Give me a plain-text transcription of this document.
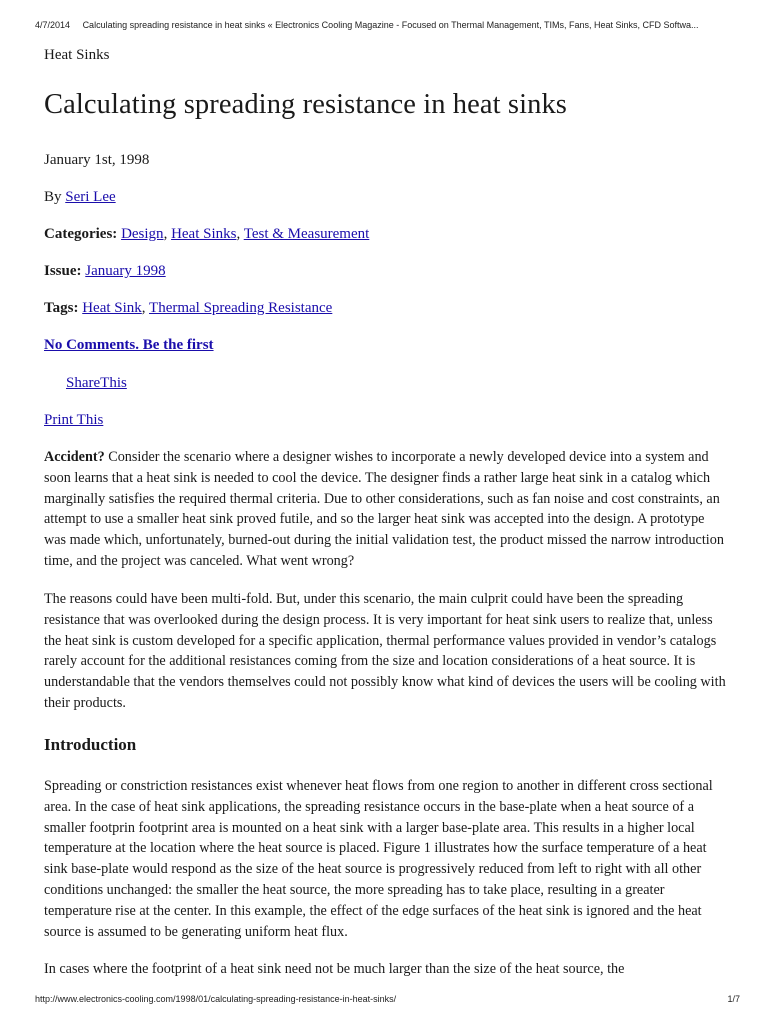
4/7/2014 Calculating spreading resistance in heat sinks « Electronics Cooling Magazine - Focused on Thermal Management, TIMs, Fans, Heat Sinks, CFD Softwa...
Heat Sinks
Calculating spreading resistance in heat sinks
January 1st, 1998
By Seri Lee
Categories: Design, Heat Sinks, Test & Measurement
Issue: January 1998
Tags: Heat Sink, Thermal Spreading Resistance
No Comments. Be the first
ShareThis
Print This

Accident? Consider the scenario where a designer wishes to incorporate a newly developed device into a system and soon learns that a heat sink is needed to cool the device. The designer finds a rather large heat sink in a catalog which marginally satisfies the required thermal criteria. Due to other considerations, such as fan noise and cost constraints, an attempt to use a smaller heat sink proved futile, and so the larger heat sink was accepted into the design. A prototype was made which, unfortunately, burned-out during the initial validation test, the product missed the narrow introduction time, and the project was canceled. What went wrong?

The reasons could have been multi-fold. But, under this scenario, the main culprit could have been the spreading resistance that was overlooked during the design process. It is very important for heat sink users to realize that, unless the heat sink is custom developed for a specific application, thermal performance values provided in vendor’s catalogs rarely account for the additional resistances coming from the size and location considerations of a heat source. It is understandable that the vendors themselves could not possibly know what kind of devices the users will be cooling with their products.

Introduction

Spreading or constriction resistances exist whenever heat flows from one region to another in different cross sectional area. In the case of heat sink applications, the spreading resistance occurs in the base-plate when a heat source of a smaller footprin footprint area is mounted on a heat sink with a larger base-plate area. This results in a higher local temperature at the location where the heat source is placed. Figure 1 illustrates how the surface temperature of a heat sink base-plate would respond as the size of the heat source is progressively reduced from left to right with all other conditions unchanged: the smaller the heat source, the more spreading has to take place, resulting in a greater temperature rise at the center. In this example, the effect of the edge surfaces of the heat sink is ignored and the heat source is assumed to be generating uniform heat flux.

In cases where the footprint of a heat sink need not be much larger than the size of the heat source, the

http://www.electronics-cooling.com/1998/01/calculating-spreading-resistance-in-heat-sinks/	1/7
